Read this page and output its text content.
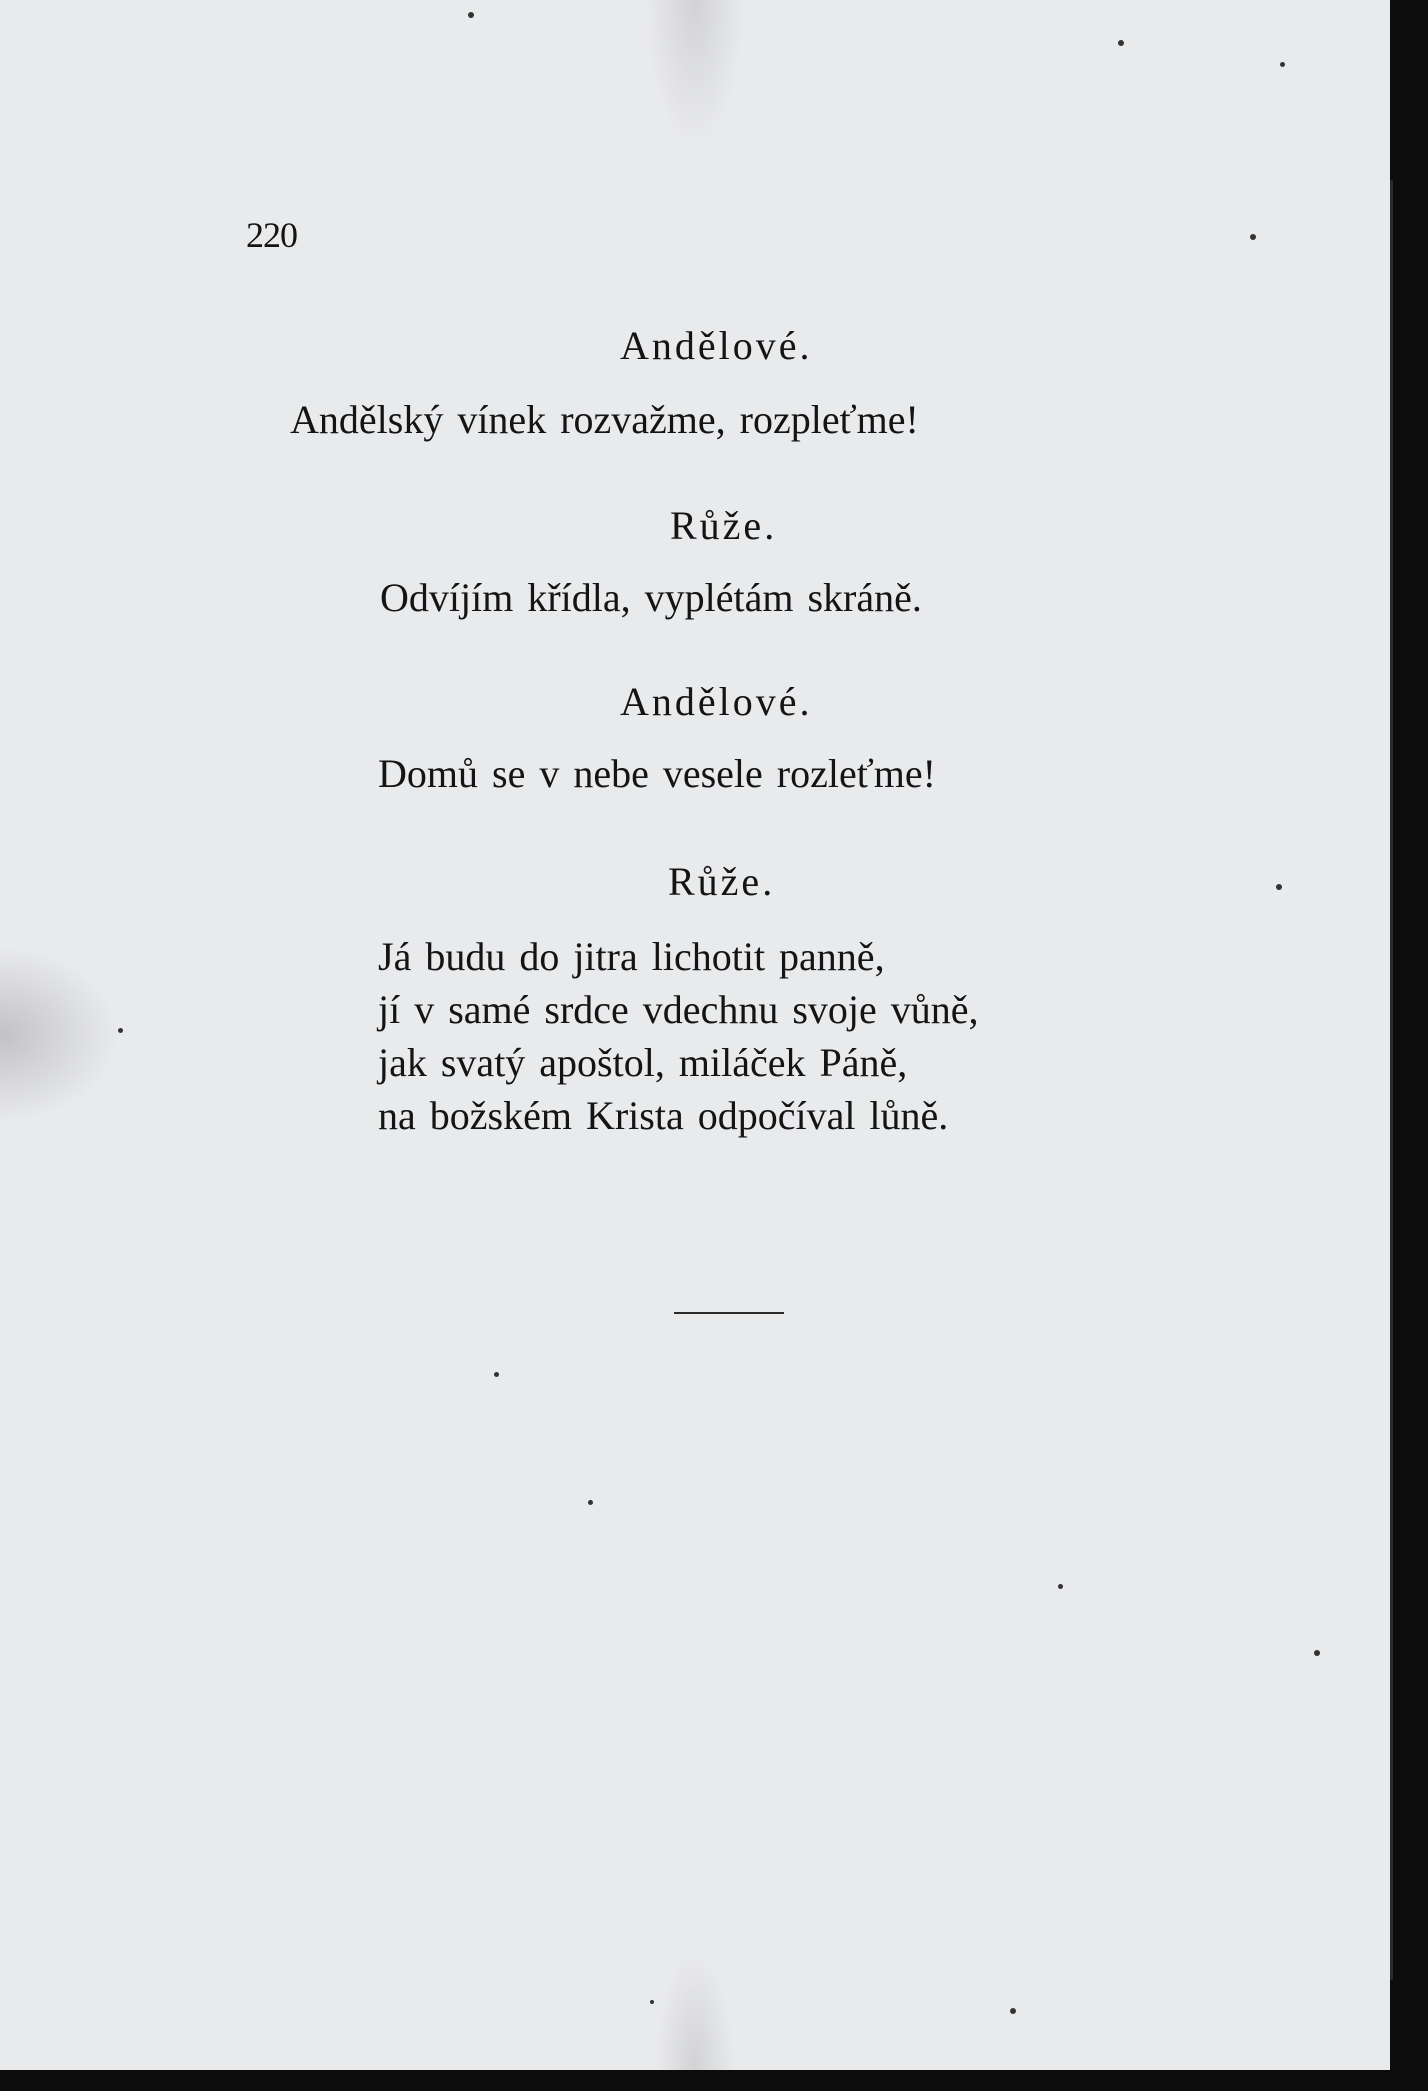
220
Andělové.
Andělský vínek rozvažme, rozpleťme!
Růže.
Odvíjím křídla, vyplétám skráně.
Andělové.
Domů se v nebe vesele rozleťme!
Růže.
Já budu do jitra lichotit panně,
jí v samé srdce vdechnu svoje vůně,
jak svatý apoštol, miláček Páně,
na božském Krista odpočíval lůně.
